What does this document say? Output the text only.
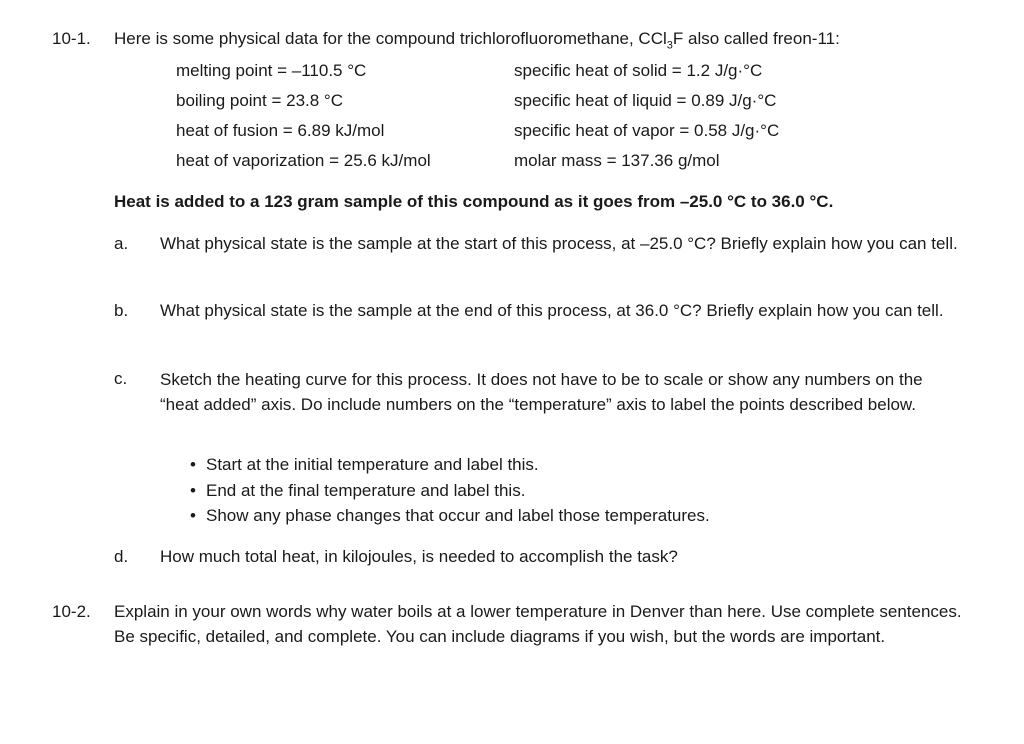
10-1. Here is some physical data for the compound trichlorofluoromethane, CCl$_3$F also called freon-11:
melting point = –110.5 °C
boiling point = 23.8 °C
heat of fusion = 6.89 kJ/mol
heat of vaporization = 25.6 kJ/mol
specific heat of solid = 1.2 J/g·°C
specific heat of liquid = 0.89 J/g·°C
specific heat of vapor = 0.58 J/g·°C
molar mass = 137.36 g/mol
Heat is added to a 123 gram sample of this compound as it goes from –25.0 °C to 36.0 °C.
a. What physical state is the sample at the start of this process, at –25.0 °C? Briefly explain how you can tell.
b. What physical state is the sample at the end of this process, at 36.0 °C? Briefly explain how you can tell.
c. Sketch the heating curve for this process. It does not have to be to scale or show any numbers on the “heat added” axis. Do include numbers on the “temperature” axis to label the points described below.
• Start at the initial temperature and label this.
• End at the final temperature and label this.
• Show any phase changes that occur and label those temperatures.
d. How much total heat, in kilojoules, is needed to accomplish the task?
10-2. Explain in your own words why water boils at a lower temperature in Denver than here. Use complete sentences. Be specific, detailed, and complete. You can include diagrams if you wish, but the words are important.
